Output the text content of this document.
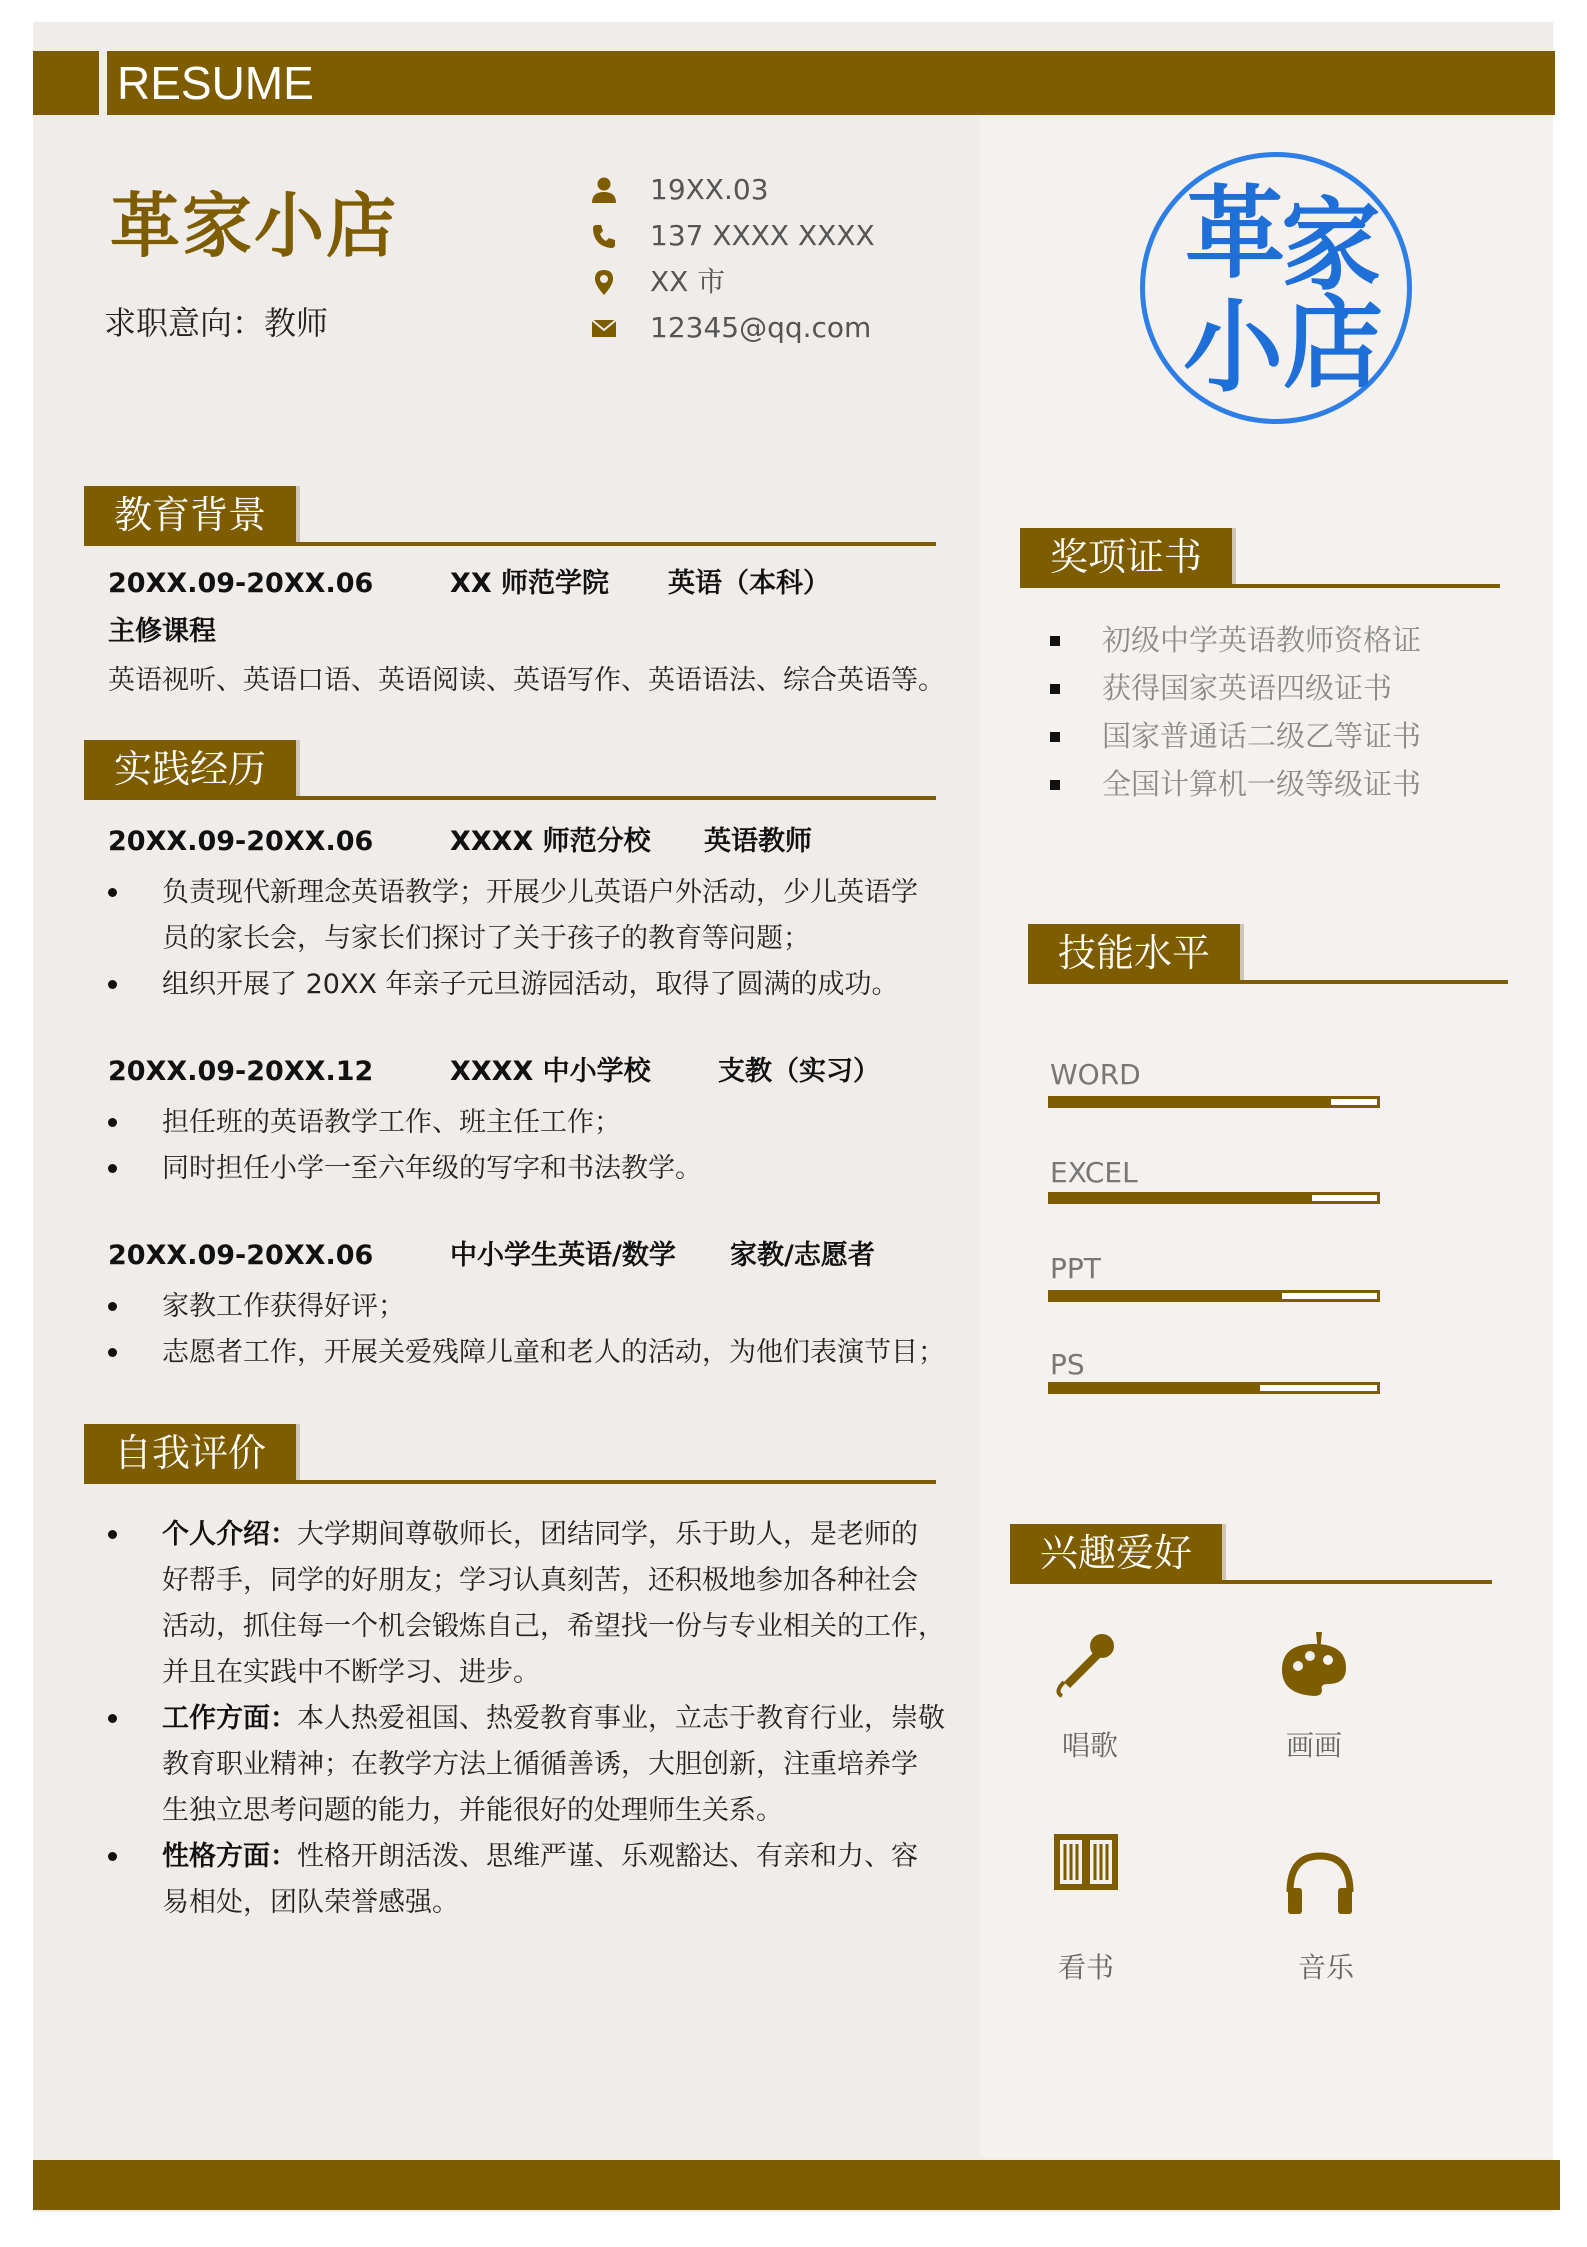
RESUME
革家小店
求职意向：教师
19XX.03
137 XXXX XXXX
XX 市
12345@qq.com
革
家
小 店
教育背景
20XX.09-20XX.06	XX 师范学院 英语（本科）
主修课程
英语视听、英语口语、英语阅读、英语写作、英语语法、综合英语等。
实践经历
20XX.09-20XX.06	XXXX 师范分校 英语教师
负责现代新理念英语教学；开展少儿英语户外活动，少儿英语学
员的家长会，与家长们探讨了关于孩子的教育等问题；
组织开展了 20XX 年亲子元旦游园活动，取得了圆满的成功。
20XX.09-20XX.12	XXXX 中小学校 支教（实习）
担任班的英语教学工作、班主任工作；
同时担任小学一至六年级的写字和书法教学。
20XX.09-20XX.06	中小学生英语/数学 家教/志愿者
家教工作获得好评；
志愿者工作，开展关爱残障儿童和老人的活动，为他们表演节目；
自我评价
个人介绍：大学期间尊敬师长，团结同学，乐于助人，是老师的
好帮手，同学的好朋友；学习认真刻苦，还积极地参加各种社会
活动，抓住每一个机会锻炼自己，希望找一份与专业相关的工作，
并且在实践中不断学习、进步。
工作方面：本人热爱祖国、热爱教育事业，立志于教育行业，崇敬
教育职业精神；在教学方法上循循善诱，大胆创新，注重培养学
生独立思考问题的能力，并能很好的处理师生关系。
性格方面：性格开朗活泼、思维严谨、乐观豁达、有亲和力、容
易相处，团队荣誉感强。
奖项证书
初级中学英语教师资格证
获得国家英语四级证书
国家普通话二级乙等证书
全国计算机一级等级证书
技能水平
WORD
EXCEL
PPT
PS
兴趣爱好
唱歌	画画
看书	音乐
